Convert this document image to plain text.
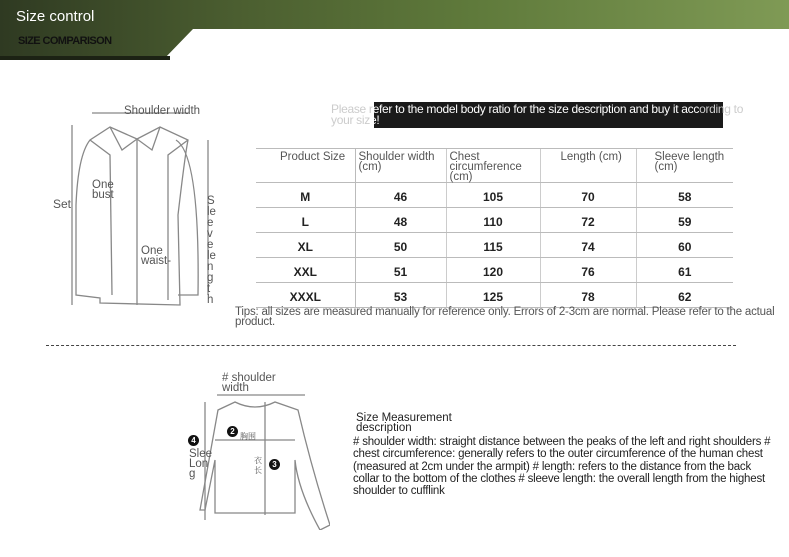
Size control
SIZE COMPARISON
Please refer to the model body ratio for the size description and buy it according to
your size!
Shoulder width
One bust
Set
One waist-
Sleeve length
Product Size	Shoulder width (cm)	Chest circumference (cm)	Length (cm)	Sleeve length (cm)
M	46	105	70	58
L	48	110	72	59
XL	50	115	74	60
XXL	51	120	76	61
XXXL	53	125	78	62
Tips: all sizes are measured manually for reference only. Errors of 2-3cm are normal. Please refer to the actual product.
# shoulder width
2
胸围
3
衣长
4
Slee Lon g
Size Measurement description
# shoulder width: straight distance between the peaks of the left and right shoulders # chest circumference: generally refers to the outer circumference of the human chest (measured at 2cm under the armpit) # length: refers to the distance from the back collar to the bottom of the clothes # sleeve length: the overall length from the highest shoulder to cufflink
